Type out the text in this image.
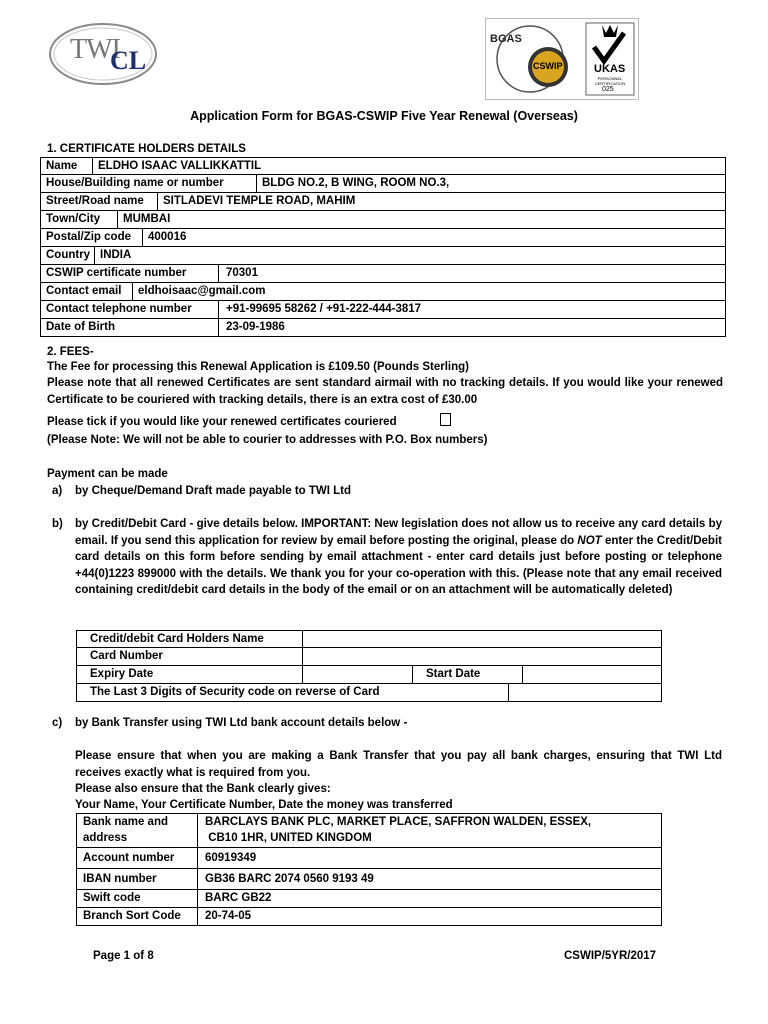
TWI
CL
BGAS
CSWIP	UKAS
PERSONNEL CERTIFICATION
025
Application Form for BGAS-CSWIP Five Year Renewal (Overseas)
1. CERTIFICATE HOLDERS DETAILS
Name	ELDHO ISAAC VALLIKKATTIL
House/Building name or number	BLDG NO.2, B WING, ROOM NO.3,
Street/Road name	SITLADEVI TEMPLE ROAD, MAHIM
Town/City	MUMBAI
Postal/Zip code	400016
Country INDIA
CSWIP certificate number	70301
Contact email	eldhoisaac@gmail.com
Contact telephone number	+91-99695 58262 / +91-222-444-3817
Date of Birth	23-09-1986
2. FEES-
The Fee for processing this Renewal Application is £109.50 (Pounds Sterling)
Please note that all renewed Certificates are sent standard airmail with no tracking details. If you would like your renewed Certificate to be couriered with tracking details, there is an extra cost of £30.00
Please tick if you would like your renewed certificates couriered
(Please Note: We will not be able to courier to addresses with P.O. Box numbers)
Payment can be made
a) by Cheque/Demand Draft made payable to TWI Ltd
b) by Credit/Debit Card - give details below. IMPORTANT: New legislation does not allow us to receive any card details by email. If you send this application for review by email before posting the original, please do NOT enter the Credit/Debit card details on this form before sending by email attachment - enter card details just before posting or telephone +44(0)1223 899000 with the details. We thank you for your co-operation with this. (Please note that any email received containing credit/debit card details in the body of the email or on an attachment will be automatically deleted)
Credit/debit Card Holders Name
Card Number
Expiry Date	Start Date
The Last 3 Digits of Security code on reverse of Card
c) by Bank Transfer using TWI Ltd bank account details below -
Please ensure that when you are making a Bank Transfer that you pay all bank charges, ensuring that TWI Ltd receives exactly what is required from you.
Please also ensure that the Bank clearly gives:
Your Name, Your Certificate Number, Date the money was transferred
Bank name and address
BARCLAYS BANK PLC, MARKET PLACE, SAFFRON WALDEN, ESSEX,
CB10 1HR, UNITED KINGDOM
Account number	60919349
IBAN number	GB36 BARC 2074 0560 9193 49
Swift code	BARC GB22
Branch Sort Code	20-74-05
Page 1 of 8	CSWIP/5YR/2017
